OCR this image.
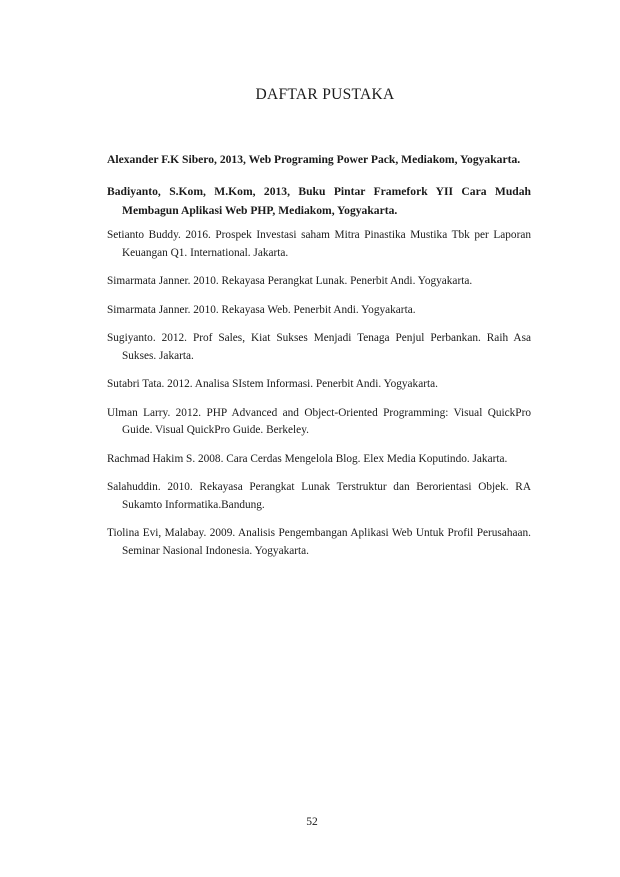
DAFTAR PUSTAKA
Alexander F.K Sibero, 2013, Web Programing Power Pack, Mediakom, Yogyakarta.
Badiyanto, S.Kom, M.Kom, 2013, Buku Pintar Framefork YII Cara Mudah Membagun Aplikasi Web PHP, Mediakom, Yogyakarta.
Setianto Buddy. 2016. Prospek Investasi saham Mitra Pinastika Mustika Tbk per Laporan Keuangan Q1. International. Jakarta.
Simarmata Janner. 2010. Rekayasa Perangkat Lunak. Penerbit Andi. Yogyakarta.
Simarmata Janner. 2010. Rekayasa Web. Penerbit Andi. Yogyakarta.
Sugiyanto. 2012. Prof Sales, Kiat Sukses Menjadi Tenaga Penjul Perbankan. Raih Asa Sukses. Jakarta.
Sutabri Tata. 2012. Analisa SIstem Informasi. Penerbit Andi. Yogyakarta.
Ulman Larry. 2012. PHP Advanced and Object-Oriented Programming: Visual QuickPro Guide. Visual QuickPro Guide. Berkeley.
Rachmad Hakim S. 2008. Cara Cerdas Mengelola Blog. Elex Media Koputindo. Jakarta.
Salahuddin. 2010. Rekayasa Perangkat Lunak Terstruktur dan Berorientasi Objek. RA Sukamto Informatika.Bandung.
Tiolina Evi, Malabay. 2009. Analisis Pengembangan Aplikasi Web Untuk Profil Perusahaan. Seminar Nasional Indonesia. Yogyakarta.
52
